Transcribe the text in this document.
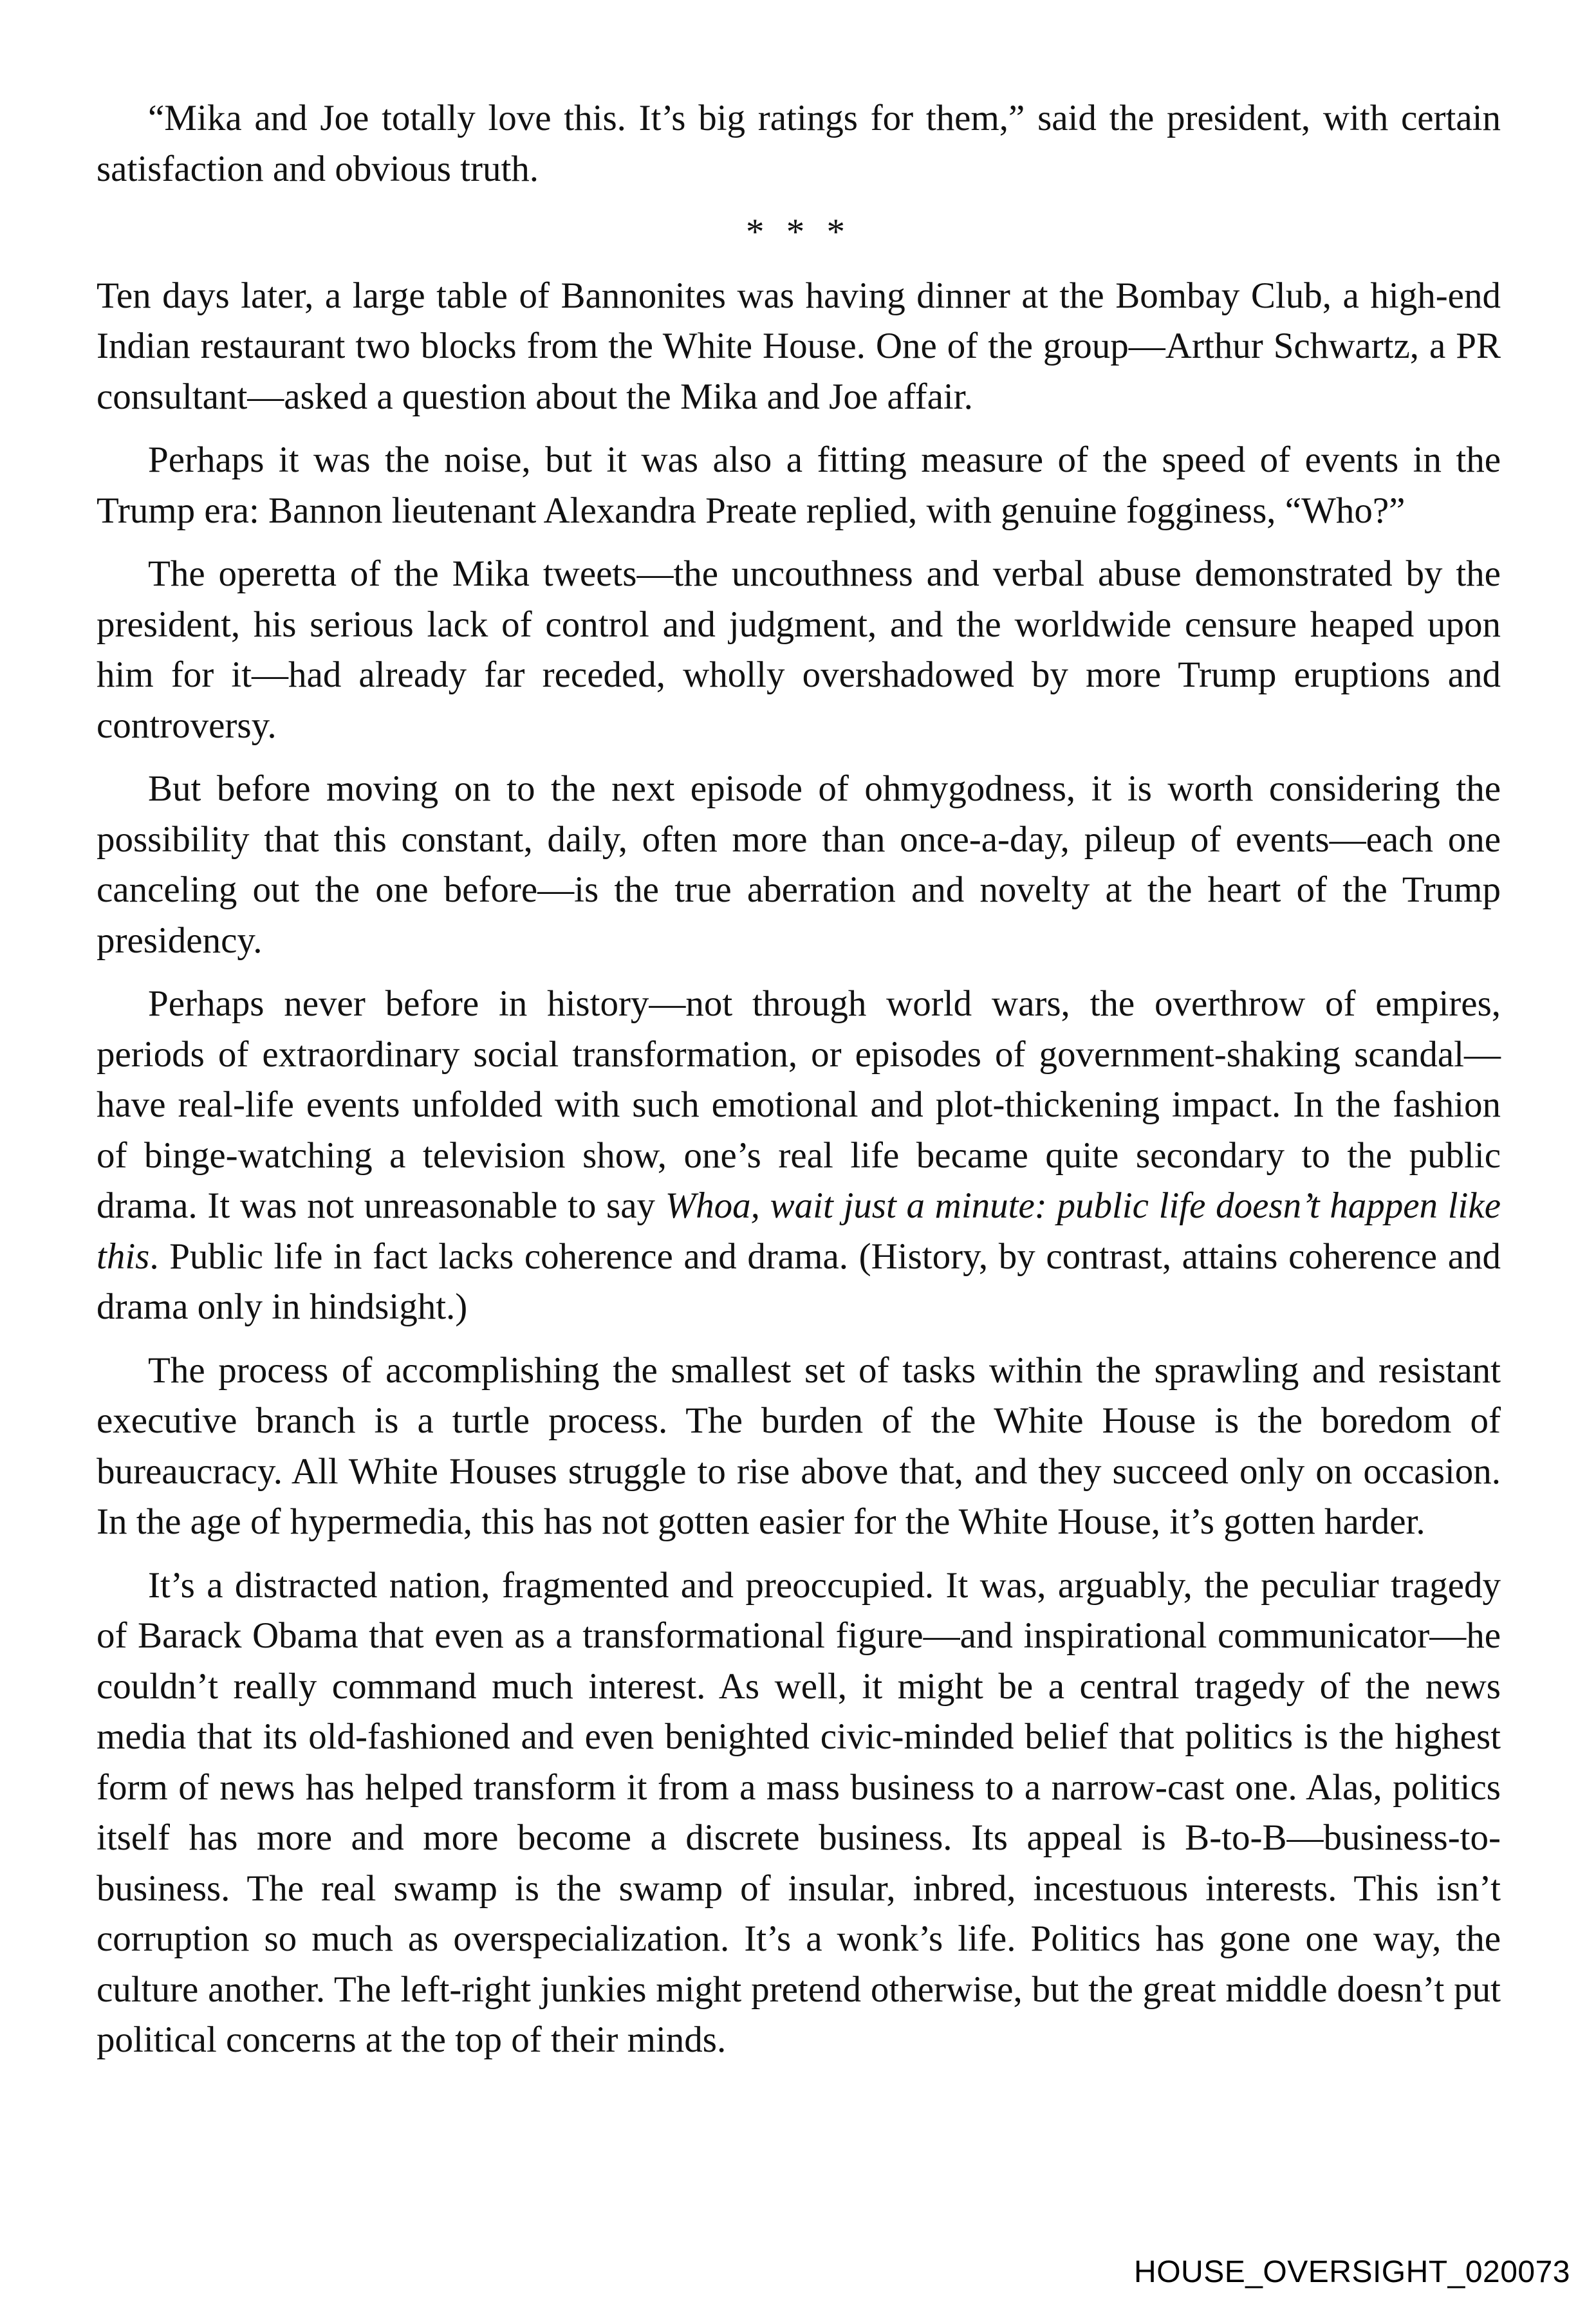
“Mika and Joe totally love this. It’s big ratings for them,” said the president, with certain satisfaction and obvious truth.

* * *

Ten days later, a large table of Bannonites was having dinner at the Bombay Club, a high-end Indian restaurant two blocks from the White House. One of the group—Arthur Schwartz, a PR consultant—asked a question about the Mika and Joe affair.

Perhaps it was the noise, but it was also a fitting measure of the speed of events in the Trump era: Bannon lieutenant Alexandra Preate replied, with genuine fogginess, “Who?”

The operetta of the Mika tweets—the uncouthness and verbal abuse demonstrated by the president, his serious lack of control and judgment, and the worldwide censure heaped upon him for it—had already far receded, wholly overshadowed by more Trump eruptions and controversy.

But before moving on to the next episode of ohmygodness, it is worth considering the possibility that this constant, daily, often more than once-a-day, pileup of events—each one canceling out the one before—is the true aberration and novelty at the heart of the Trump presidency.

Perhaps never before in history—not through world wars, the overthrow of empires, periods of extraordinary social transformation, or episodes of government-shaking scandal—have real-life events unfolded with such emotional and plot-thickening impact. In the fashion of binge-watching a television show, one’s real life became quite secondary to the public drama. It was not unreasonable to say Whoa, wait just a minute: public life doesn’t happen like this. Public life in fact lacks coherence and drama. (History, by contrast, attains coherence and drama only in hindsight.)

The process of accomplishing the smallest set of tasks within the sprawling and resistant executive branch is a turtle process. The burden of the White House is the boredom of bureaucracy. All White Houses struggle to rise above that, and they succeed only on occasion. In the age of hypermedia, this has not gotten easier for the White House, it’s gotten harder.

It’s a distracted nation, fragmented and preoccupied. It was, arguably, the peculiar tragedy of Barack Obama that even as a transformational figure—and inspirational communicator—he couldn’t really command much interest. As well, it might be a central tragedy of the news media that its old-fashioned and even benighted civic-minded belief that politics is the highest form of news has helped transform it from a mass business to a narrow-cast one. Alas, politics itself has more and more become a discrete business. Its appeal is B-to-B—business-to-business. The real swamp is the swamp of insular, inbred, incestuous interests. This isn’t corruption so much as overspecialization. It’s a wonk’s life. Politics has gone one way, the culture another. The left-right junkies might pretend otherwise, but the great middle doesn’t put political concerns at the top of their minds.

HOUSE_OVERSIGHT_020073
